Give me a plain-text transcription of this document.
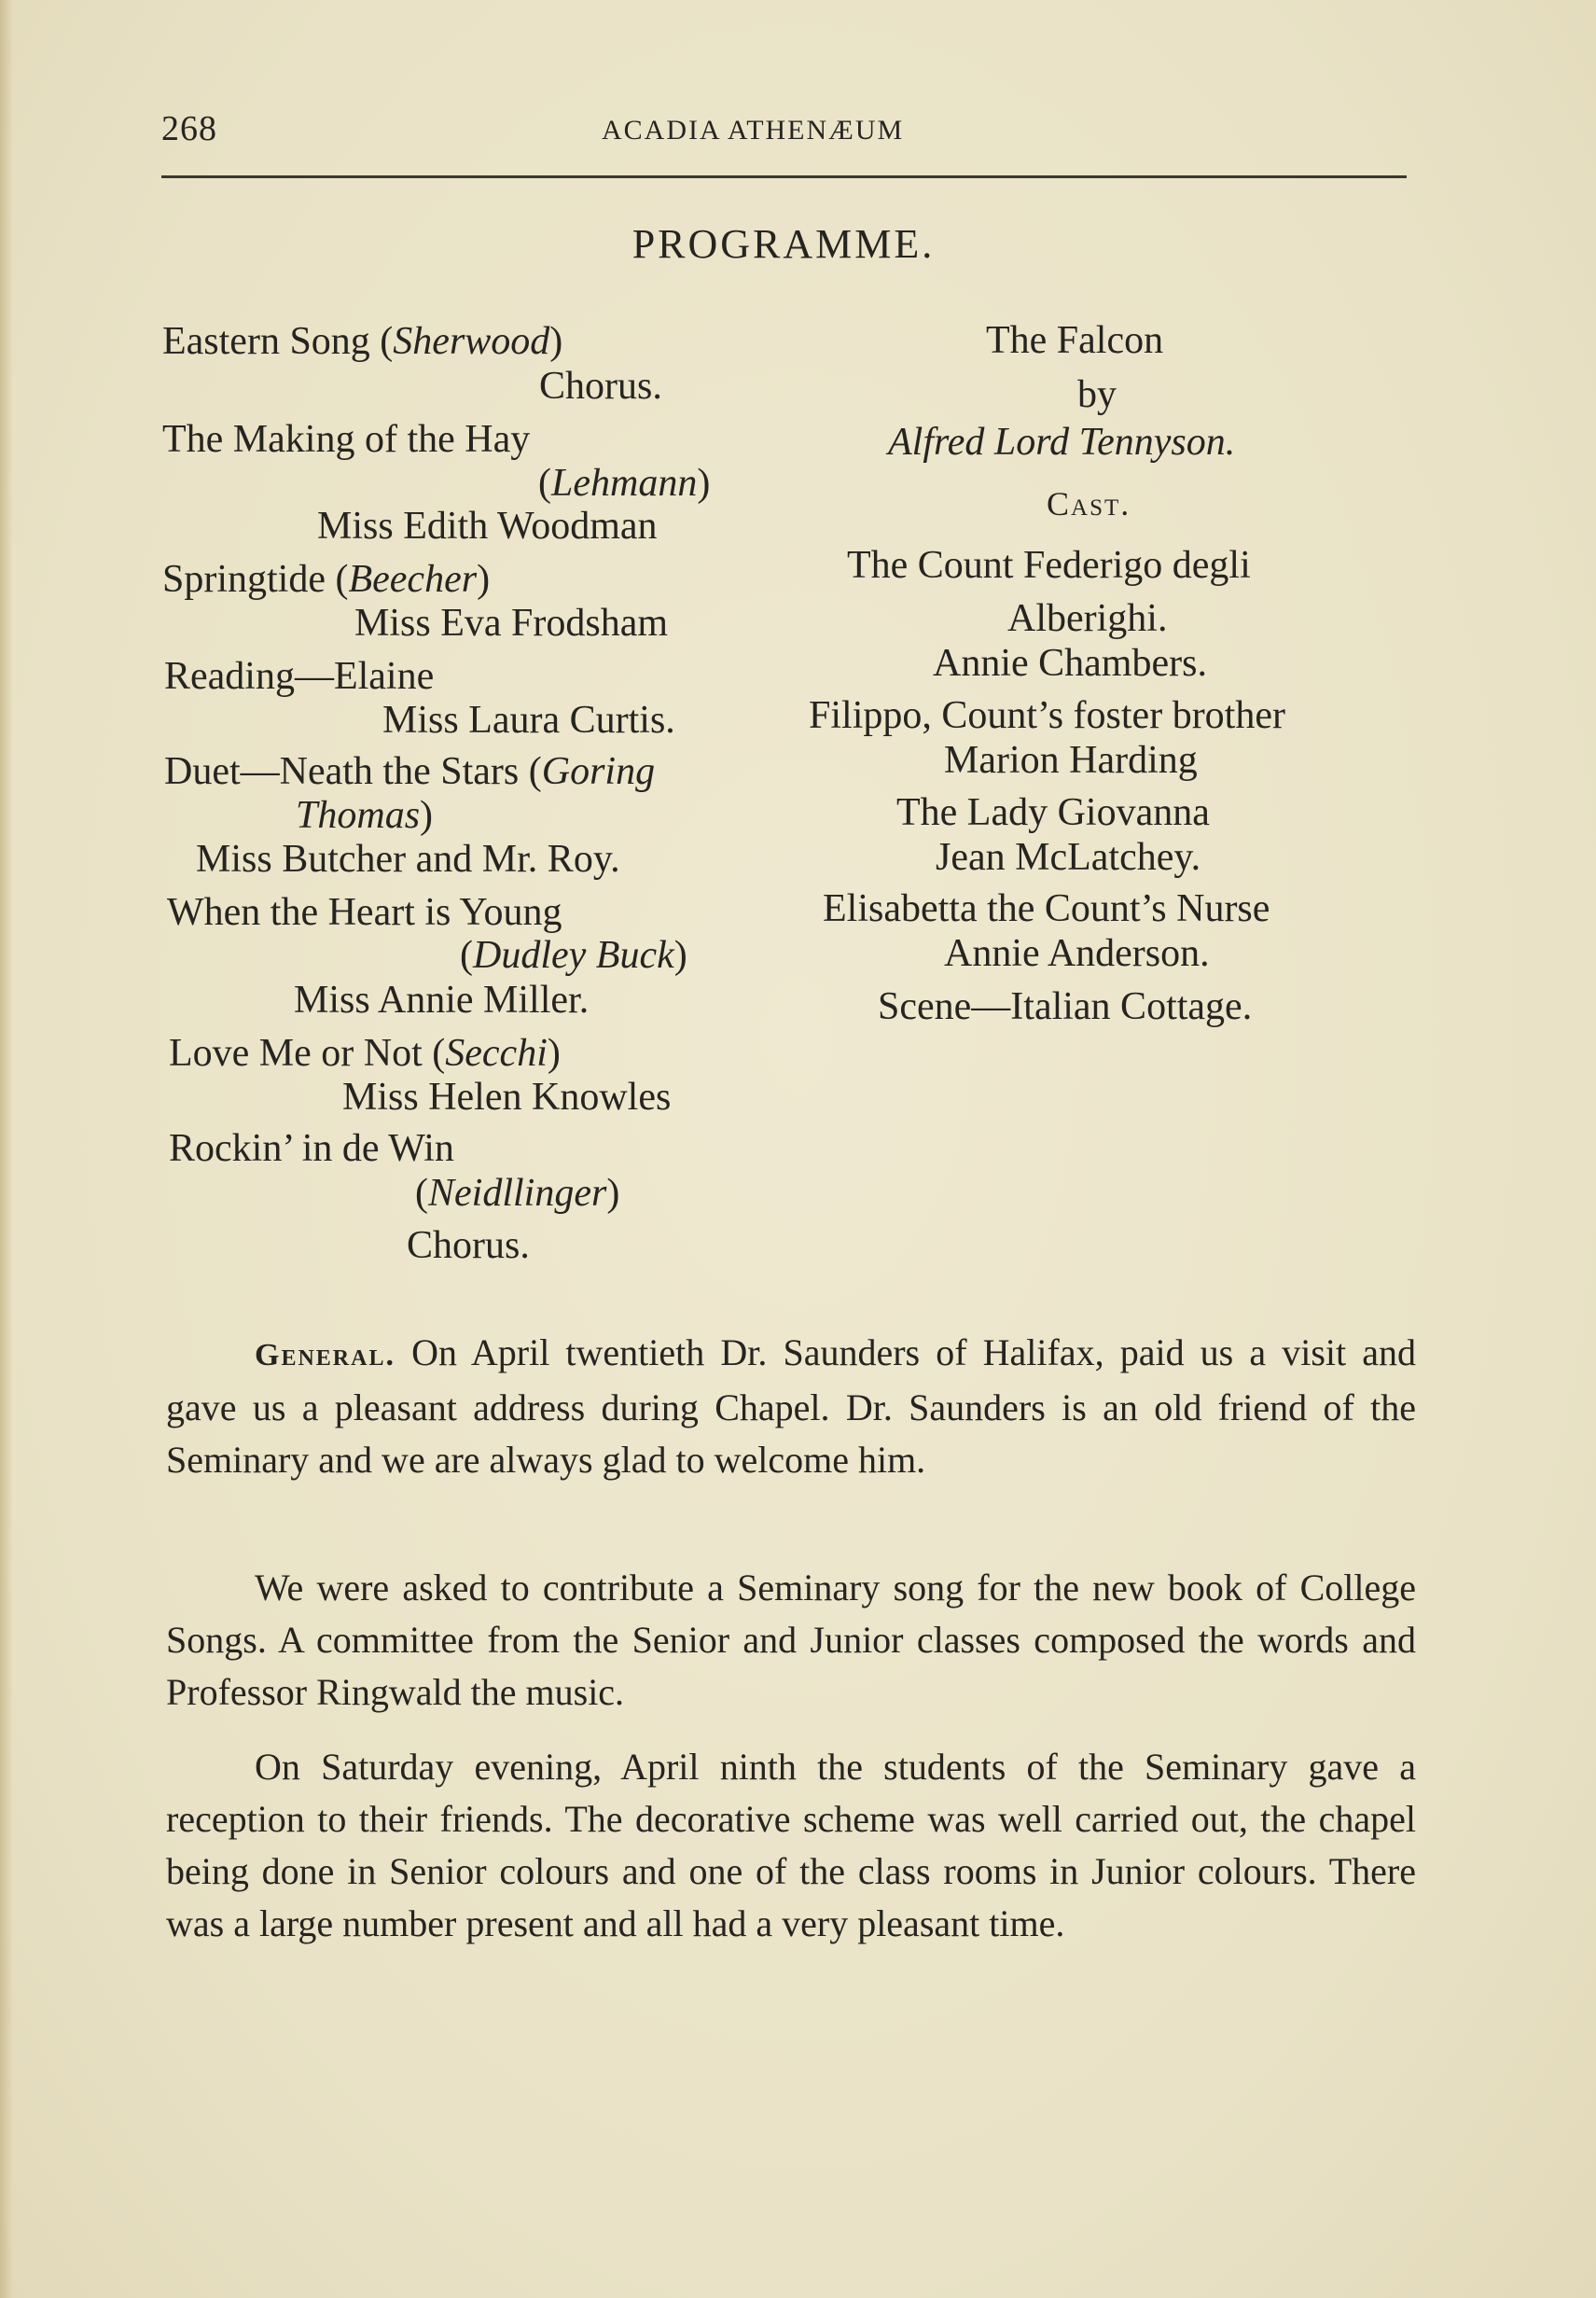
268	ACADIA ATHENÆUM
PROGRAMME.
Eastern Song (Sherwood)
Chorus.
The Making of the Hay
(Lehmann)
Miss Edith Woodman
Springtide (Beecher)
Miss Eva Frodsham
Reading—Elaine
Miss Laura Curtis.
Duet—Neath the Stars (Goring
Thomas)
Miss Butcher and Mr. Roy.
When the Heart is Young
(Dudley Buck)
Miss Annie Miller.
Love Me or Not (Secchi)
Miss Helen Knowles
Rockin’ in de Win
(Neidllinger)
Chorus.
The Falcon
by
Alfred Lord Tennyson.
Cast.
The Count Federigo degli
Alberighi.
Annie Chambers.
Filippo, Count’s foster brother
Marion Harding
The Lady Giovanna
Jean McLatchey.
Elisabetta the Count’s Nurse
Annie Anderson.
Scene—Italian Cottage.
General. On April twentieth Dr. Saunders of Halifax, paid us a visit and gave us a pleasant address during Chapel. Dr. Saunders is an old friend of the Seminary and we are always glad to welcome him.
We were asked to contribute a Seminary song for the new book of College Songs. A committee from the Senior and Junior classes composed the words and Professor Ringwald the music.
On Saturday evening, April ninth the students of the Seminary gave a reception to their friends. The decorative scheme was well carried out, the chapel being done in Senior colours and one of the class rooms in Junior colours. There was a large number present and all had a very pleasant time.
